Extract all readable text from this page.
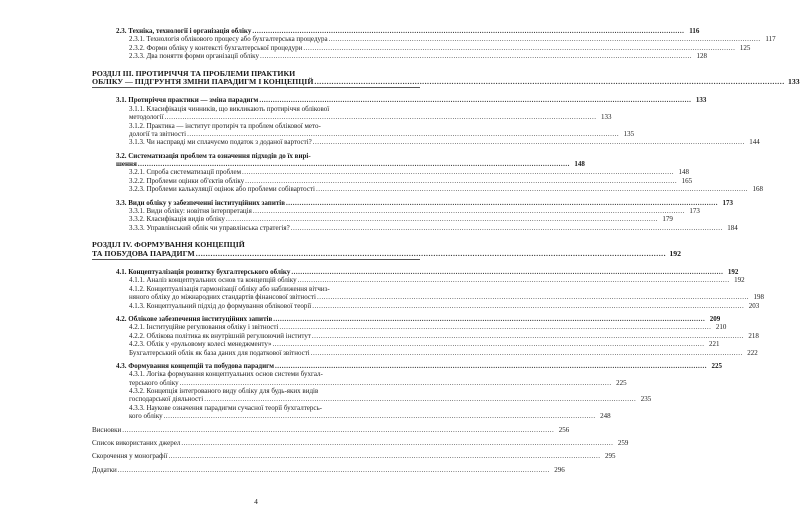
2.3. Техніка, технології і організація обліку .....	116
2.3.1. Технологія облікового процесу або бухгалтерська процедура .....	117
2.3.2. Форми обліку у контексті бухгалтерської процедури .....	125
2.3.3. Два поняття форми організації обліку .....	128
РОЗДІЛ III. ПРОТИРІЧЧЯ ТА ПРОБЛЕМИ ПРАКТИКИ
ОБЛІКУ — ПІДГРУНТЯ ЗМІНИ ПАРАДИГМ І КОНЦЕПЦІЙ .....	133
3.1. Протиріччя практики — зміна парадигм .....	133
3.1.1. Класифікація чинників, що викликають протиріччя облікової
методології .....	133
3.1.2. Практика — інститут протиріч та проблем облікової мето-
дології та звітності .....	135
3.1.3. Чи насправді ми сплачуємо податок з доданої вартості? .....	144
3.2. Систематизація проблем та означення підходів до їх вирі-
шення .....	148
3.2.1. Спроба систематизації проблем .....	148
3.2.2. Проблеми оцінки об'єктів обліку .....	165
3.2.3. Проблеми калькуляції оцінок або проблеми собівартості .....	168
3.3. Види обліку у забезпеченні інституційних запитів .....	173
3.3.1. Види обліку: новітня інтерпретація .....	173
3.3.2. Класифікація видів обліку .....	179
3.3.3. Управлінський облік чи управлінська стратегія? .....	184
РОЗДІЛ IV. ФОРМУВАННЯ КОНЦЕПЦІЙ
ТА ПОБУДОВА ПАРАДИГМ .....	192
4.1. Концептуалізація розвитку бухгалтерського обліку .....	192
4.1.1. Аналіз концептуальних основ та концепцій обліку .....	192
4.1.2. Концептуалізація гармонізації обліку або наближення вітчиз-
няного обліку до міжнародних стандартів фінансової звітності .....	198
4.1.3. Концептуальний підхід до формування облікової теорії .....	203
4.2. Облікове забезпечення інституційних запитів .....	209
4.2.1. Інституційне регулювання обліку і звітності .....	210
4.2.2. Облікова політика як внутрішній регулюючий інститут .....	218
4.2.3. Облік у «рульовому колесі менеджменту» .....	221
Бухгалтерський облік як база даних для податкової звітності .....	222
4.3. Формування концепцій та побудова парадигм .....	225
4.3.1. Логіка формування концептуальних основ системи бухгал-
терського обліку .....	225
4.3.2. Концепція інтегрованого виду обліку для будь-яких видів
господарської діяльності .....	235
4.3.3. Наукове означення парадигми сучасної теорії бухгалтерсь-
кого обліку .....	248
Висновки .....	256
Список використаних джерел .....	259
Скорочення у монографії .....	295
Додатки .....	296
4
